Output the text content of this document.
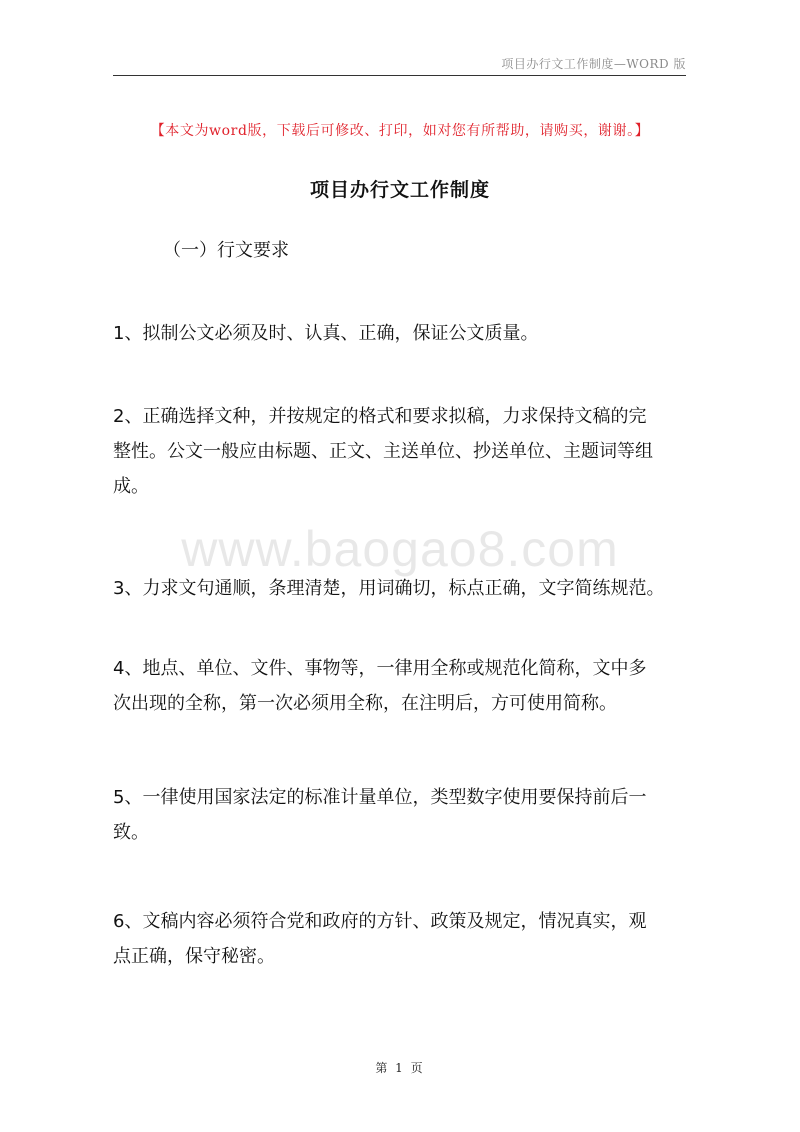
项目办行文工作制度—WORD 版
【本文为word版，下载后可修改、打印，如对您有所帮助，请购买，谢谢。】
项目办行文工作制度
（一）行文要求
1、拟制公文必须及时、认真、正确，保证公文质量。
2、正确选择文种，并按规定的格式和要求拟稿，力求保持文稿的完
整性。公文一般应由标题、正文、主送单位、抄送单位、主题词等组
成。
www.baogao8.com
3、力求文句通顺，条理清楚，用词确切，标点正确，文字简练规范。
4、地点、单位、文件、事物等，一律用全称或规范化简称，文中多
次出现的全称，第一次必须用全称，在注明后，方可使用简称。
5、一律使用国家法定的标准计量单位，类型数字使用要保持前后一
致。
6、文稿内容必须符合党和政府的方针、政策及规定，情况真实，观
点正确，保守秘密。
第 1 页
